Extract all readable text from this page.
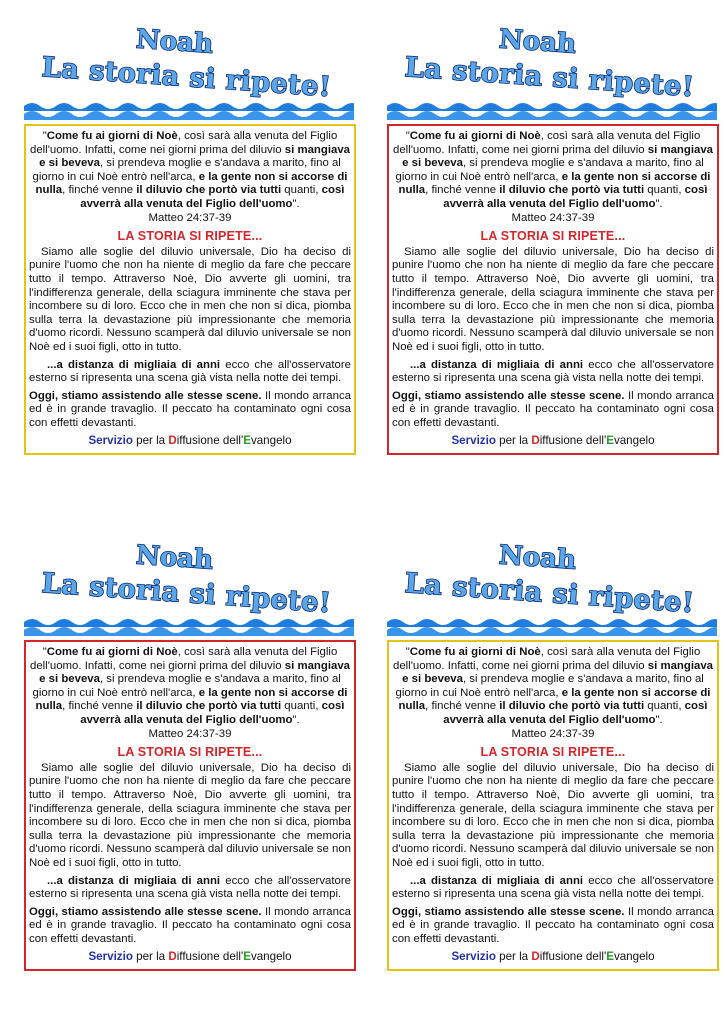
Noah
La storia si ripete!

"Come fu ai giorni di Noè, così sarà alla venuta del Figlio dell'uomo. Infatti, come nei giorni prima del diluvio si mangiava e si beveva, si prendeva moglie e s'andava a marito, fino al giorno in cui Noè entrò nell'arca, e la gente non si accorse di nulla, finché venne il diluvio che portò via tutti quanti, così avverrà alla venuta del Figlio dell'uomo".

Matteo 24:37-39

LA STORIA SI RIPETE...

Siamo alle soglie del diluvio universale, Dio ha deciso di punire l'uomo che non ha niente di meglio da fare che peccare tutto il tempo. Attraverso Noè, Dio avverte gli uomini, tra l'indifferenza generale, della sciagura imminente che stava per incombere su di loro. Ecco che in men che non si dica, piomba sulla terra la devastazione più impressionante che memoria d'uomo ricordi. Nessuno scamperà dal diluvio universale se non Noè ed i suoi figli, otto in tutto.

...a distanza di migliaia di anni ecco che all'osservatore esterno si ripresenta una scena già vista nella notte dei tempi.

Oggi, stiamo assistendo alle stesse scene. Il mondo arranca ed è in grande travaglio. Il peccato ha contaminato ogni cosa con effetti devastanti.

Servizio per la Diffusione dell'Evangelo
Noah
La storia si ripete!

"Come fu ai giorni di Noè, così sarà alla venuta del Figlio dell'uomo. Infatti, come nei giorni prima del diluvio si mangiava e si beveva, si prendeva moglie e s'andava a marito, fino al giorno in cui Noè entrò nell'arca, e la gente non si accorse di nulla, finché venne il diluvio che portò via tutti quanti, così avverrà alla venuta del Figlio dell'uomo".

Matteo 24:37-39

LA STORIA SI RIPETE...

Siamo alle soglie del diluvio universale, Dio ha deciso di punire l'uomo che non ha niente di meglio da fare che peccare tutto il tempo. Attraverso Noè, Dio avverte gli uomini, tra l'indifferenza generale, della sciagura imminente che stava per incombere su di loro. Ecco che in men che non si dica, piomba sulla terra la devastazione più impressionante che memoria d'uomo ricordi. Nessuno scamperà dal diluvio universale se non Noè ed i suoi figli, otto in tutto.

...a distanza di migliaia di anni ecco che all'osservatore esterno si ripresenta una scena già vista nella notte dei tempi.

Oggi, stiamo assistendo alle stesse scene. Il mondo arranca ed è in grande travaglio. Il peccato ha contaminato ogni cosa con effetti devastanti.

Servizio per la Diffusione dell'Evangelo
Noah
La storia si ripete!

"Come fu ai giorni di Noè, così sarà alla venuta del Figlio dell'uomo. Infatti, come nei giorni prima del diluvio si mangiava e si beveva, si prendeva moglie e s'andava a marito, fino al giorno in cui Noè entrò nell'arca, e la gente non si accorse di nulla, finché venne il diluvio che portò via tutti quanti, così avverrà alla venuta del Figlio dell'uomo".

Matteo 24:37-39

LA STORIA SI RIPETE...

Siamo alle soglie del diluvio universale, Dio ha deciso di punire l'uomo che non ha niente di meglio da fare che peccare tutto il tempo. Attraverso Noè, Dio avverte gli uomini, tra l'indifferenza generale, della sciagura imminente che stava per incombere su di loro. Ecco che in men che non si dica, piomba sulla terra la devastazione più impressionante che memoria d'uomo ricordi. Nessuno scamperà dal diluvio universale se non Noè ed i suoi figli, otto in tutto.

...a distanza di migliaia di anni ecco che all'osservatore esterno si ripresenta una scena già vista nella notte dei tempi.

Oggi, stiamo assistendo alle stesse scene. Il mondo arranca ed è in grande travaglio. Il peccato ha contaminato ogni cosa con effetti devastanti.

Servizio per la Diffusione dell'Evangelo
Noah
La storia si ripete!

"Come fu ai giorni di Noè, così sarà alla venuta del Figlio dell'uomo. Infatti, come nei giorni prima del diluvio si mangiava e si beveva, si prendeva moglie e s'andava a marito, fino al giorno in cui Noè entrò nell'arca, e la gente non si accorse di nulla, finché venne il diluvio che portò via tutti quanti, così avverrà alla venuta del Figlio dell'uomo".

Matteo 24:37-39

LA STORIA SI RIPETE...

Siamo alle soglie del diluvio universale, Dio ha deciso di punire l'uomo che non ha niente di meglio da fare che peccare tutto il tempo. Attraverso Noè, Dio avverte gli uomini, tra l'indifferenza generale, della sciagura imminente che stava per incombere su di loro. Ecco che in men che non si dica, piomba sulla terra la devastazione più impressionante che memoria d'uomo ricordi. Nessuno scamperà dal diluvio universale se non Noè ed i suoi figli, otto in tutto.

...a distanza di migliaia di anni ecco che all'osservatore esterno si ripresenta una scena già vista nella notte dei tempi.

Oggi, stiamo assistendo alle stesse scene. Il mondo arranca ed è in grande travaglio. Il peccato ha contaminato ogni cosa con effetti devastanti.

Servizio per la Diffusione dell'Evangelo
